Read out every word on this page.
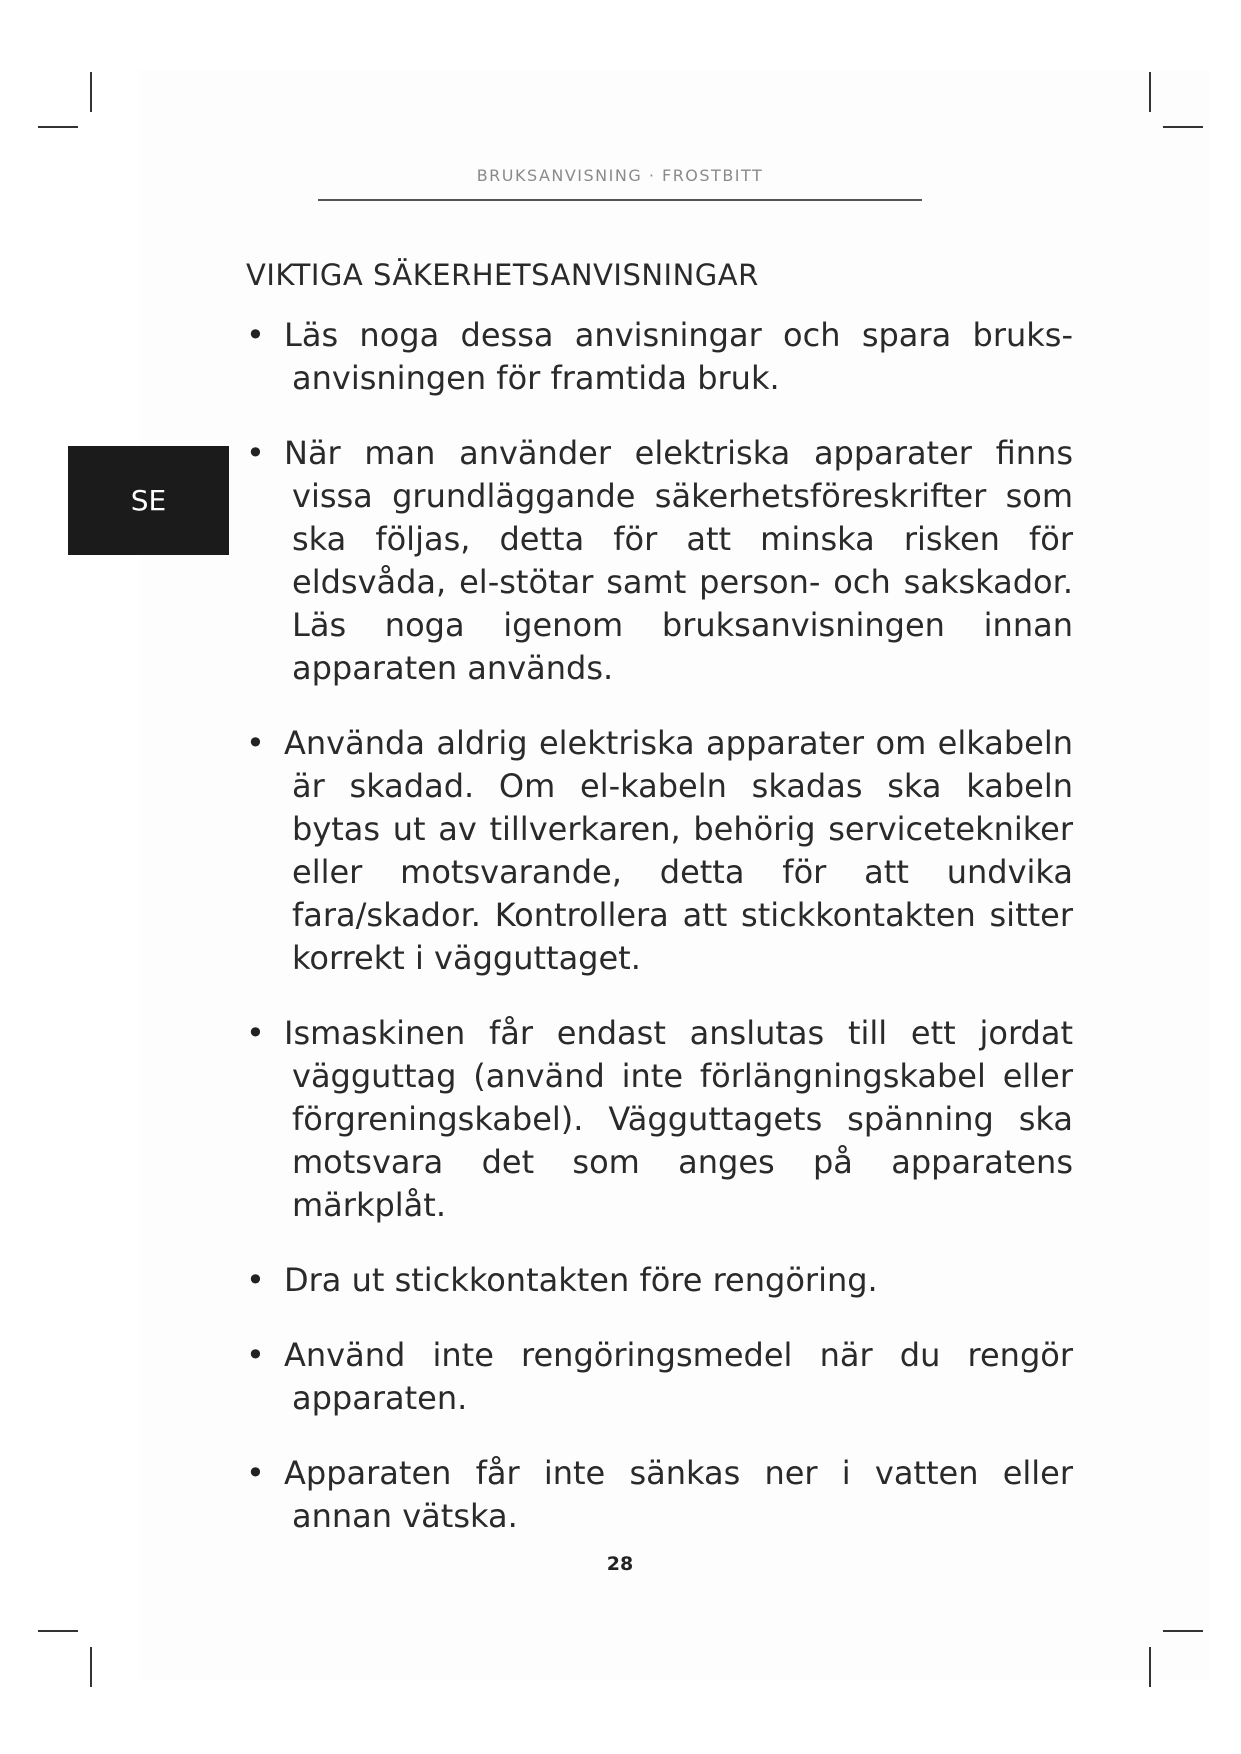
BRUKSANVISNING · FROSTBITT
SE
VIKTIGA SÄKERHETSANVISNINGAR
• Läs noga dessa anvisningar och spara bruks-anvisningen för framtida bruk.
• När man använder elektriska apparater finns vissa grundläggande säkerhetsföreskrifter som ska följas, detta för att minska risken för eldsvåda, el-stötar samt person- och sakskador. Läs noga igenom bruksanvisningen innan apparaten används.
• Använda aldrig elektriska apparater om elkabeln är skadad. Om el-kabeln skadas ska kabeln bytas ut av tillverkaren, behörig servicetekniker eller motsvarande, detta för att undvika fara/skador. Kontrollera att stickkontakten sitter korrekt i vägguttaget.
• Ismaskinen får endast anslutas till ett jordat vägguttag (använd inte förlängningskabel eller förgreningskabel). Vägguttagets spänning ska motsvara det som anges på apparatens märkplåt.
• Dra ut stickkontakten före rengöring.
• Använd inte rengöringsmedel när du rengör apparaten.
• Apparaten får inte sänkas ner i vatten eller annan vätska.
28
